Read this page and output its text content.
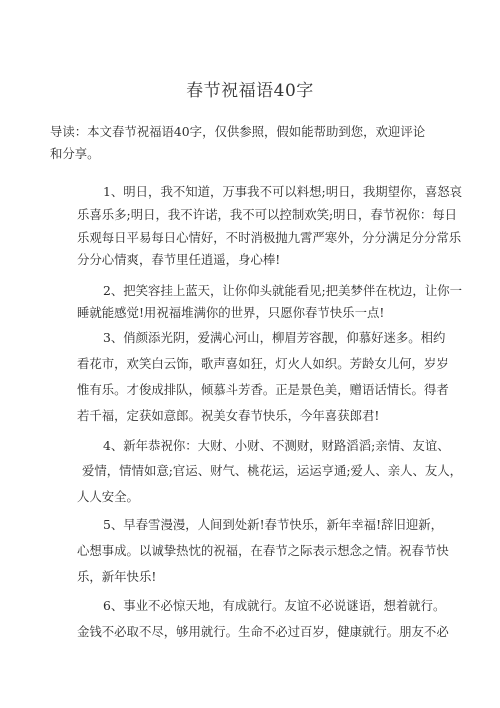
春节祝福语40字
导读：本文春节祝福语40字，仅供参照，假如能帮助到您，欢迎评论
和分享。
1、明日，我不知道，万事我不可以料想;明日，我期望你，喜怒哀
乐喜乐多;明日，我不许诺，我不可以控制欢笑;明日，春节祝你：每日
乐观每日平易每日心情好，不时消极抛九霄严寒外，分分满足分分常乐
分分心情爽，春节里任逍遥，身心棒!
2、把笑容挂上蓝天，让你仰头就能看见;把美梦伴在枕边，让你一
睡就能感觉!用祝福堆满你的世界，只愿你春节快乐一点!
3、俏颜添光阴，爱满心河山，柳眉芳容靓，仰慕好迷多。相约
看花市，欢笑白云饰，歌声喜如狂，灯火人如织。芳龄女儿何，岁岁
惟有乐。才俊成排队，倾慕斗芳香。正是景色美，赠语话情长。得者
若千福，定获如意郎。祝美女春节快乐，今年喜获郎君!
4、新年恭祝你：大财、小财、不测财，财路滔滔;亲情、友谊、
爱情，情情如意;官运、财气、桃花运，运运亨通;爱人、亲人、友人，
人人安全。
5、早春雪漫漫，人间到处新!春节快乐，新年幸福!辞旧迎新，
心想事成。以诚挚热忱的祝福，在春节之际表示想念之情。祝春节快
乐，新年快乐!
6、事业不必惊天地，有成就行。友谊不必说谜语，想着就行。
金钱不必取不尽，够用就行。生命不必过百岁，健康就行。朋友不必
